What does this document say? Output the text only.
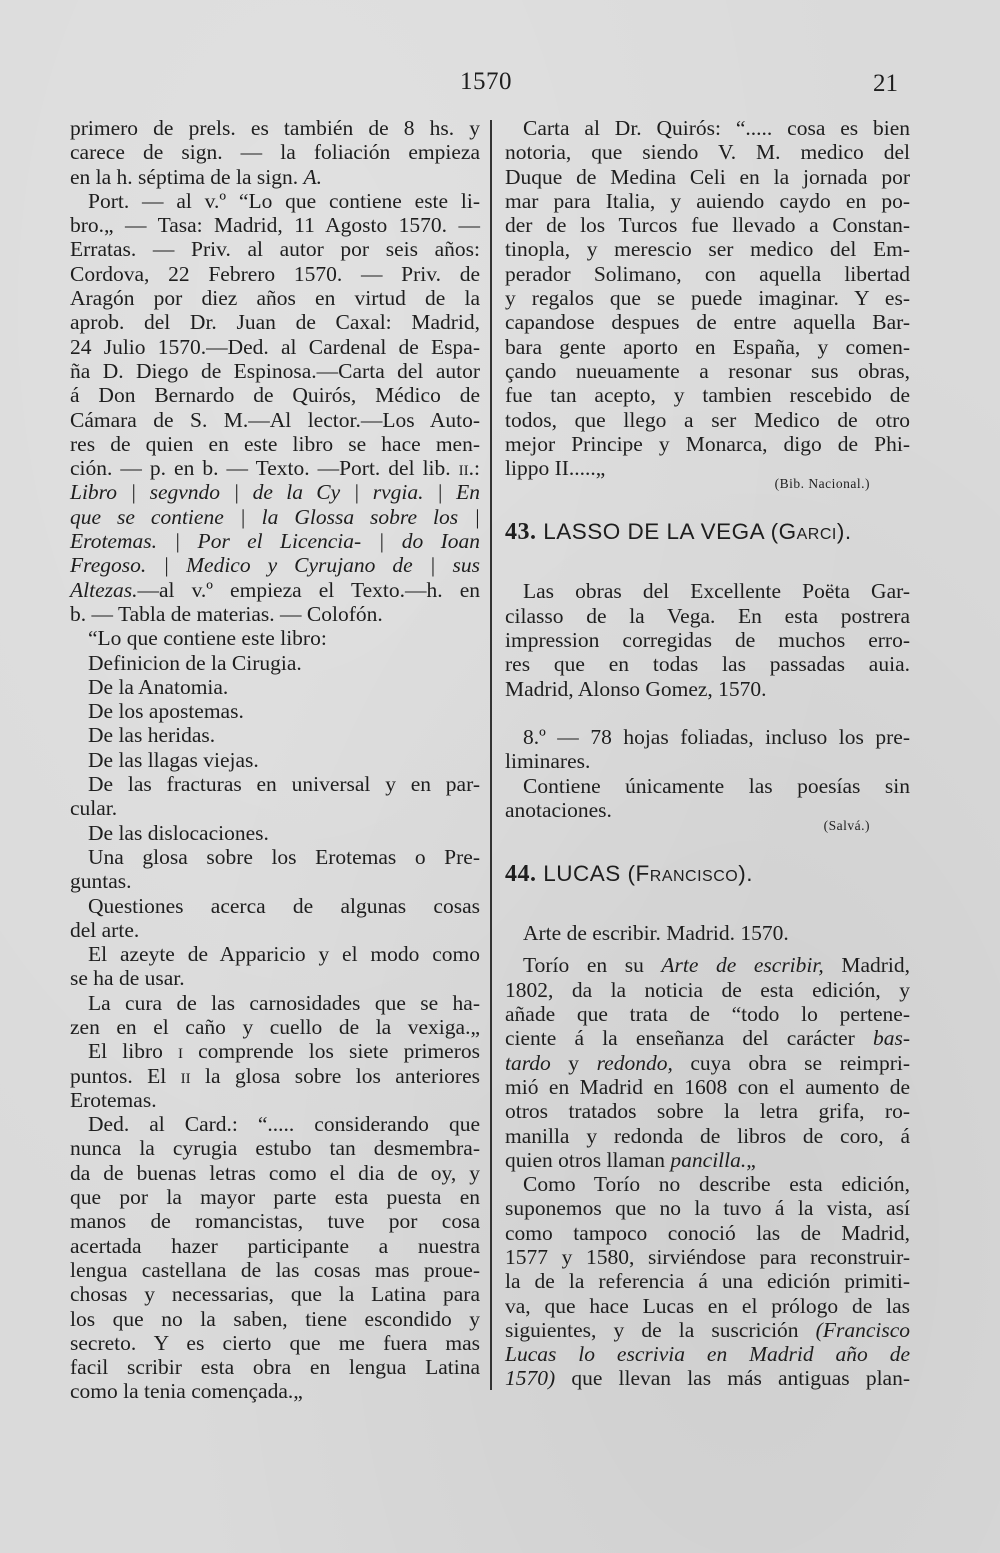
1570	21

primero de prels. es también de 8 hs. y

carece de sign. — la foliación empieza

en la h. séptima de la sign. A.

Port. — al v.º “Lo que contiene este li-

bro.„ — Tasa: Madrid, 11 Agosto 1570. —

Erratas. — Priv. al autor por seis años:

Cordova, 22 Febrero 1570. — Priv. de

Aragón por diez años en virtud de la

aprob. del Dr. Juan de Caxal: Madrid,

24 Julio 1570.—Ded. al Cardenal de Espa-

ña D. Diego de Espinosa.—Carta del autor

á Don Bernardo de Quirós, Médico de

Cámara de S. M.—Al lector.—Los Auto-

res de quien en este libro se hace men-

ción. — p. en b. — Texto. —Port. del lib. ii.:

Libro | segvndo | de la Cy | rvgia. | En

que se contiene | la Glossa sobre los |

Erotemas. | Por el Licencia- | do Ioan

Fregoso. | Medico y Cyrujano de | sus

Altezas.—al v.º empieza el Texto.—h. en

b. — Tabla de materias. — Colofón.

“Lo que contiene este libro:

Definicion de la Cirugia.

De la Anatomia.

De los apostemas.

De las heridas.

De las llagas viejas.

De las fracturas en universal y en par-

cular.

De las dislocaciones.

Una glosa sobre los Erotemas o Pre-

guntas.

Questiones acerca de algunas cosas

del arte.

El azeyte de Apparicio y el modo como

se ha de usar.

La cura de las carnosidades que se ha-

zen en el caño y cuello de la vexiga.„

El libro i comprende los siete primeros

puntos. El ii la glosa sobre los anteriores

Erotemas.

Ded. al Card.: “..... considerando que

nunca la cyrugia estubo tan desmembra-

da de buenas letras como el dia de oy, y

que por la mayor parte esta puesta en

manos de romancistas, tuve por cosa

acertada hazer participante a nuestra

lengua castellana de las cosas mas proue-

chosas y necessarias, que la Latina para

los que no la saben, tiene escondido y

secreto. Y es cierto que me fuera mas

facil scribir esta obra en lengua Latina

como la tenia començada.„

Carta al Dr. Quirós: “..... cosa es bien

notoria, que siendo V. M. medico del

Duque de Medina Celi en la jornada por

mar para Italia, y auiendo caydo en po-

der de los Turcos fue llevado a Constan-

tinopla, y merescio ser medico del Em-

perador Solimano, con aquella libertad

y regalos que se puede imaginar. Y es-

capandose despues de entre aquella Bar-

bara gente aporto en España, y comen-

çando nueuamente a resonar sus obras,

fue tan acepto, y tambien rescebido de

todos, que llego a ser Medico de otro

mejor Principe y Monarca, digo de Phi-

lippo II.....„

(Bib. Nacional.)

43. LASSO DE LA VEGA (Garci).

Las obras del Excellente Poëta Gar-

cilasso de la Vega. En esta postrera

impression corregidas de muchos erro-

res que en todas las passadas auia.

Madrid, Alonso Gomez, 1570.

8.º — 78 hojas foliadas, incluso los pre-

liminares.

Contiene únicamente las poesías sin

anotaciones.

(Salvá.)

44. LUCAS (Francisco).

Arte de escribir. Madrid. 1570.

Torío en su Arte de escribir, Madrid,

1802, da la noticia de esta edición, y

añade que trata de “todo lo pertene-

ciente á la enseñanza del carácter bas-

tardo y redondo, cuya obra se reimpri-

mió en Madrid en 1608 con el aumento de

otros tratados sobre la letra grifa, ro-

manilla y redonda de libros de coro, á

quien otros llaman pancilla.„

Como Torío no describe esta edición,

suponemos que no la tuvo á la vista, así

como tampoco conoció las de Madrid,

1577 y 1580, sirviéndose para reconstruir-

la de la referencia á una edición primiti-

va, que hace Lucas en el prólogo de las

siguientes, y de la suscrición (Francisco

Lucas lo escrivia en Madrid año de

1570) que llevan las más antiguas plan-
